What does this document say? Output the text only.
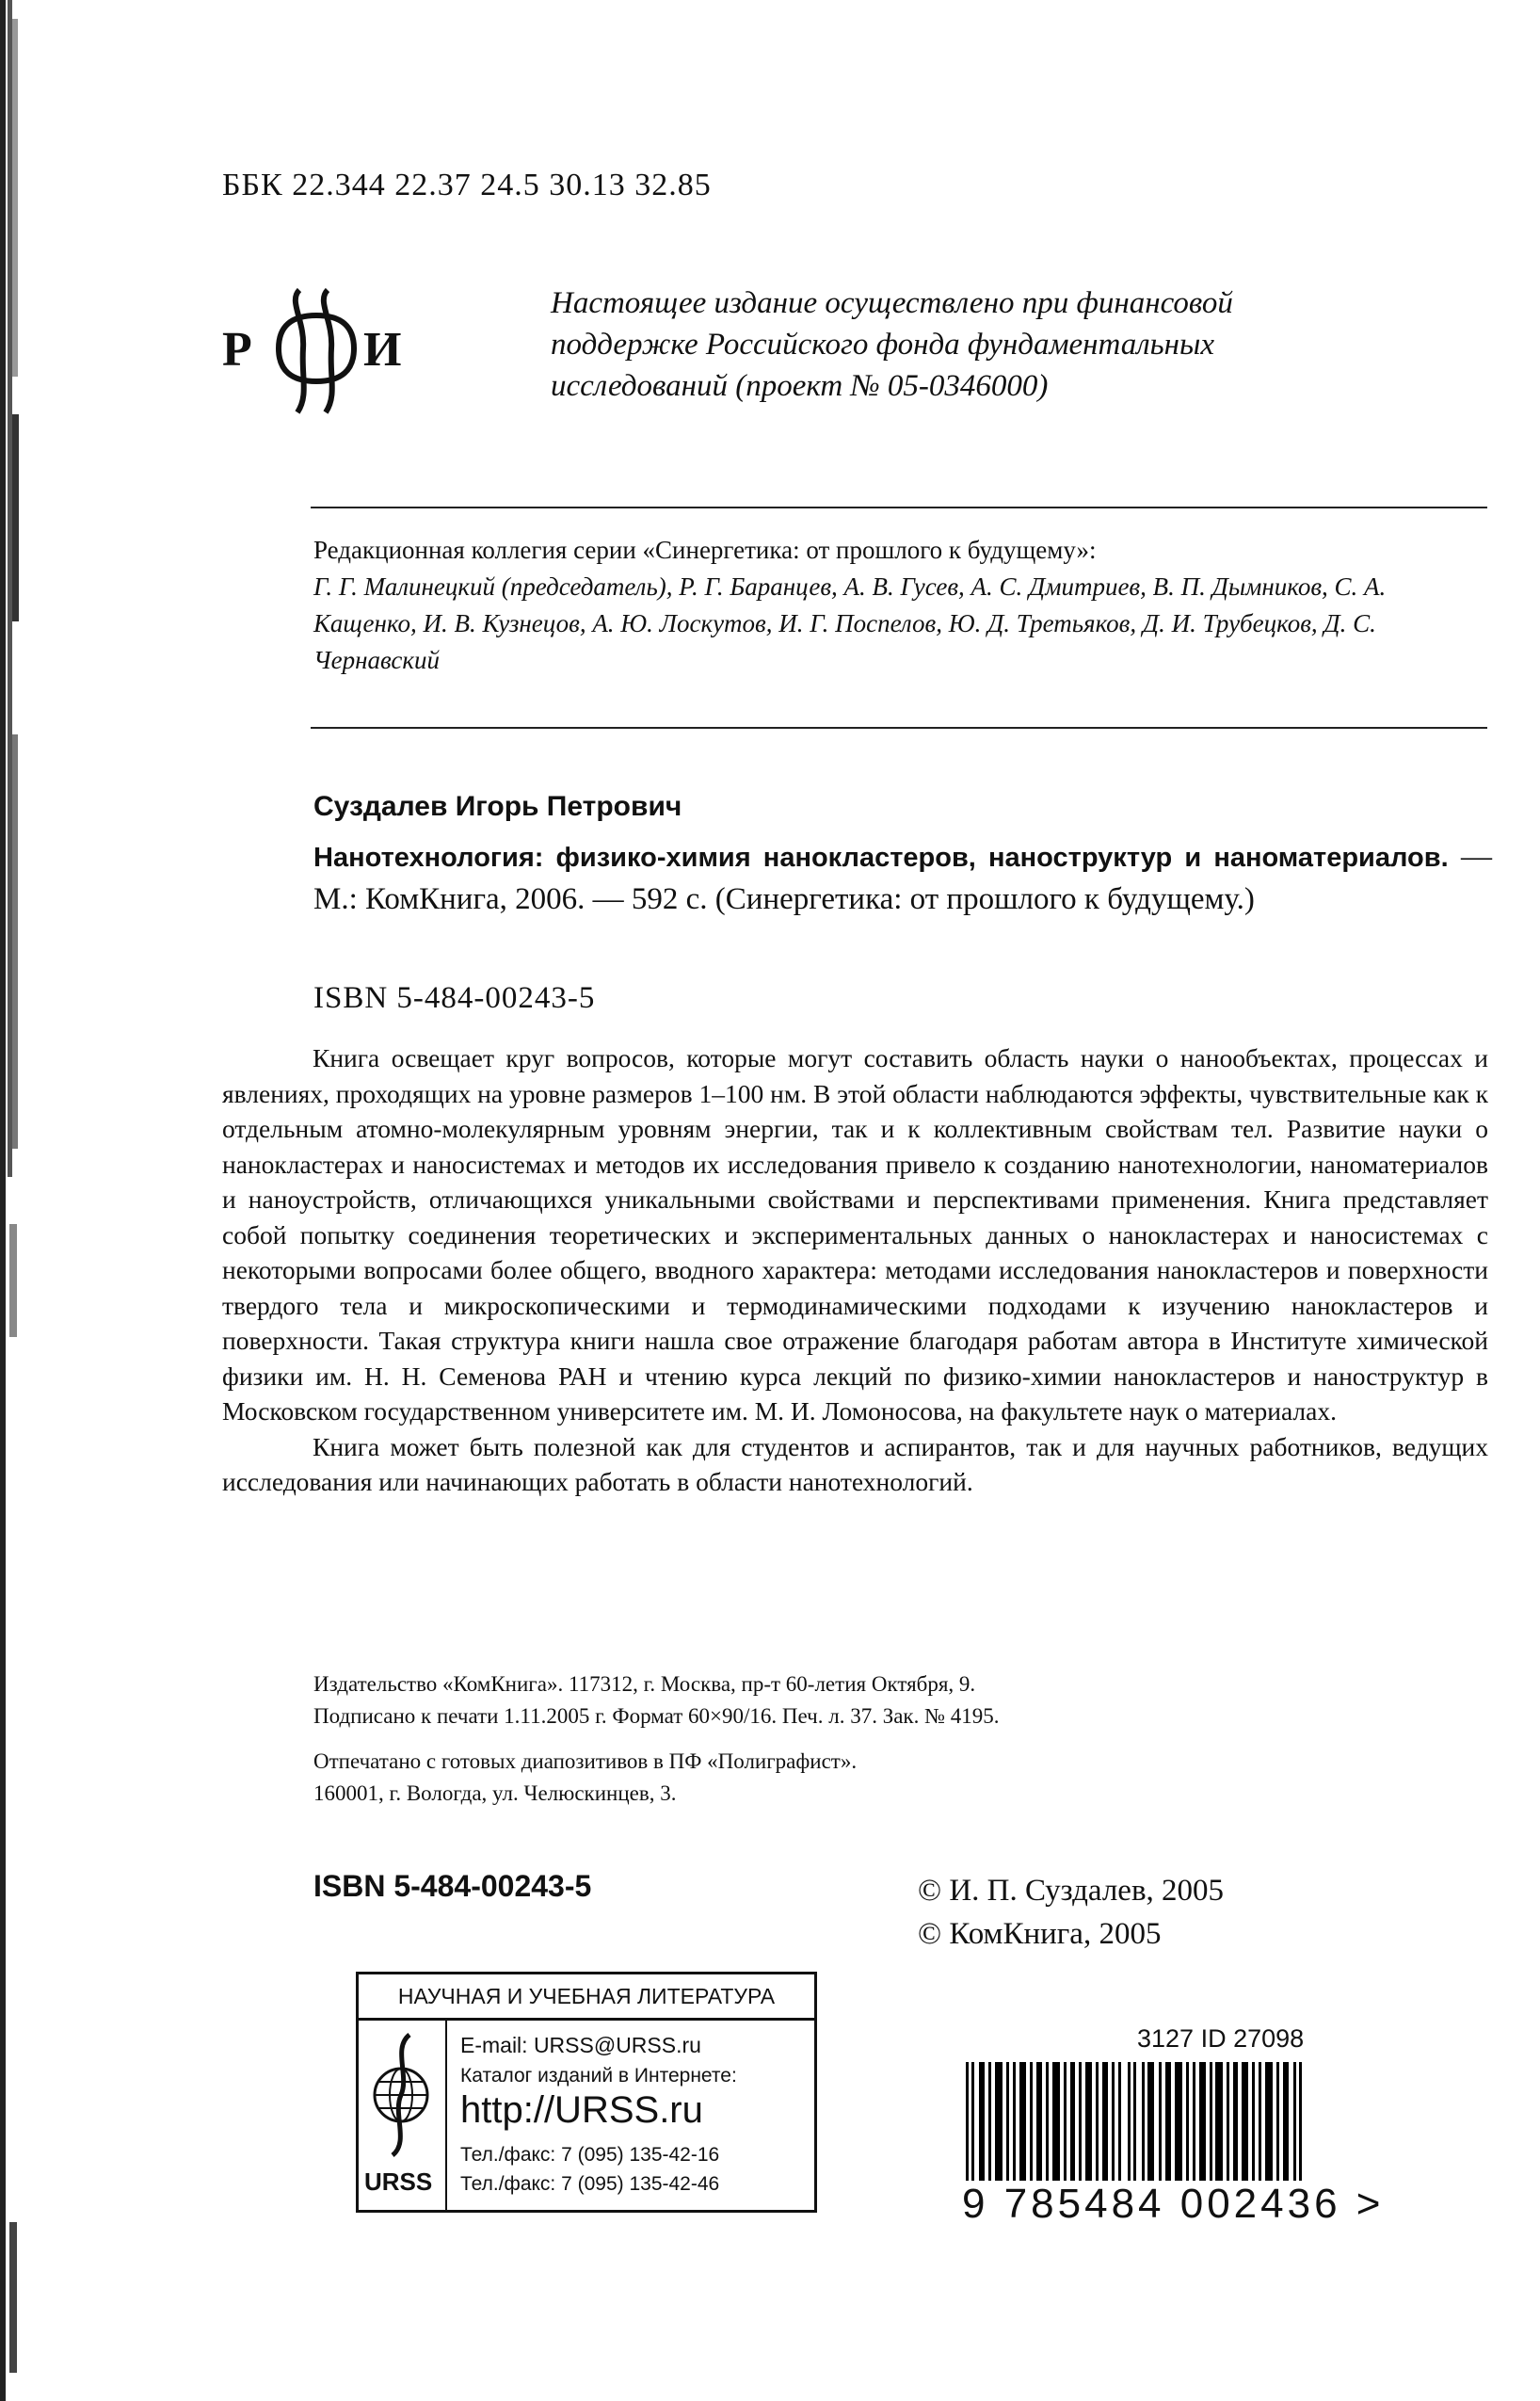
ББК 22.344 22.37 24.5 30.13 32.85
Р И
Настоящее издание осуществлено при финансовой поддержке Российского фонда фундаментальных исследований (проект № 05-0346000)
Редакционная коллегия серии «Синергетика: от прошлого к будущему»:
Г. Г. Малинецкий (председатель), Р. Г. Баранцев, А. В. Гусев, А. С. Дмитриев, В. П. Дымников, С. А. Кащенко, И. В. Кузнецов, А. Ю. Лоскутов, И. Г. Поспелов, Ю. Д. Третьяков, Д. И. Трубецков, Д. С. Чернавский
Суздалев Игорь Петрович
Нанотехнология: физико-химия нанокластеров, наноструктур и наноматериалов. — М.: КомКнига, 2006. — 592 с. (Синергетика: от прошлого к будущему.)
ISBN 5-484-00243-5

Книга освещает круг вопросов, которые могут составить область науки о нанообъектах, процессах и явлениях, проходящих на уровне размеров 1–100 нм. В этой области наблюдаются эффекты, чувствительные как к отдельным атомно-молекулярным уровням энергии, так и к коллективным свойствам тел. Развитие науки о нанокластерах и наносистемах и методов их исследования привело к созданию нанотехнологии, наноматериалов и наноустройств, отличающихся уникальными свойствами и перспективами применения. Книга представляет собой попытку соединения теоретических и экспериментальных данных о нанокластерах и наносистемах с некоторыми вопросами более общего, вводного характера: методами исследования нанокластеров и поверхности твердого тела и микроскопическими и термодинамическими подходами к изучению нанокластеров и поверхности. Такая структура книги нашла свое отражение благодаря работам автора в Институте химической физики им. Н. Н. Семенова РАН и чтению курса лекций по физико-химии нанокластеров и наноструктур в Московском государственном университете им. М. И. Ломоносова, на факультете наук о материалах.

Книга может быть полезной как для студентов и аспирантов, так и для научных работников, ведущих исследования или начинающих работать в области нанотехнологий.

Издательство «КомКнига». 117312, г. Москва, пр-т 60-летия Октября, 9.

Подписано к печати 1.11.2005 г. Формат 60×90/16. Печ. л. 37. Зак. № 4195.

Отпечатано с готовых диапозитивов в ПФ «Полиграфист».

160001, г. Вологда, ул. Челюскинцев, 3.

ISBN 5-484-00243-5	© И. П. Суздалев, 2005
© КомКнига, 2005
НАУЧНАЯ И УЧЕБНАЯ ЛИТЕРАТУРА
URSS
E-mail: URSS@URSS.ru
Каталог изданий в Интернете:
http://URSS.ru
Тел./факс: 7 (095) 135-42-16
Тел./факс: 7 (095) 135-42-46
3127 ID 27098
9 785484 002436 >
